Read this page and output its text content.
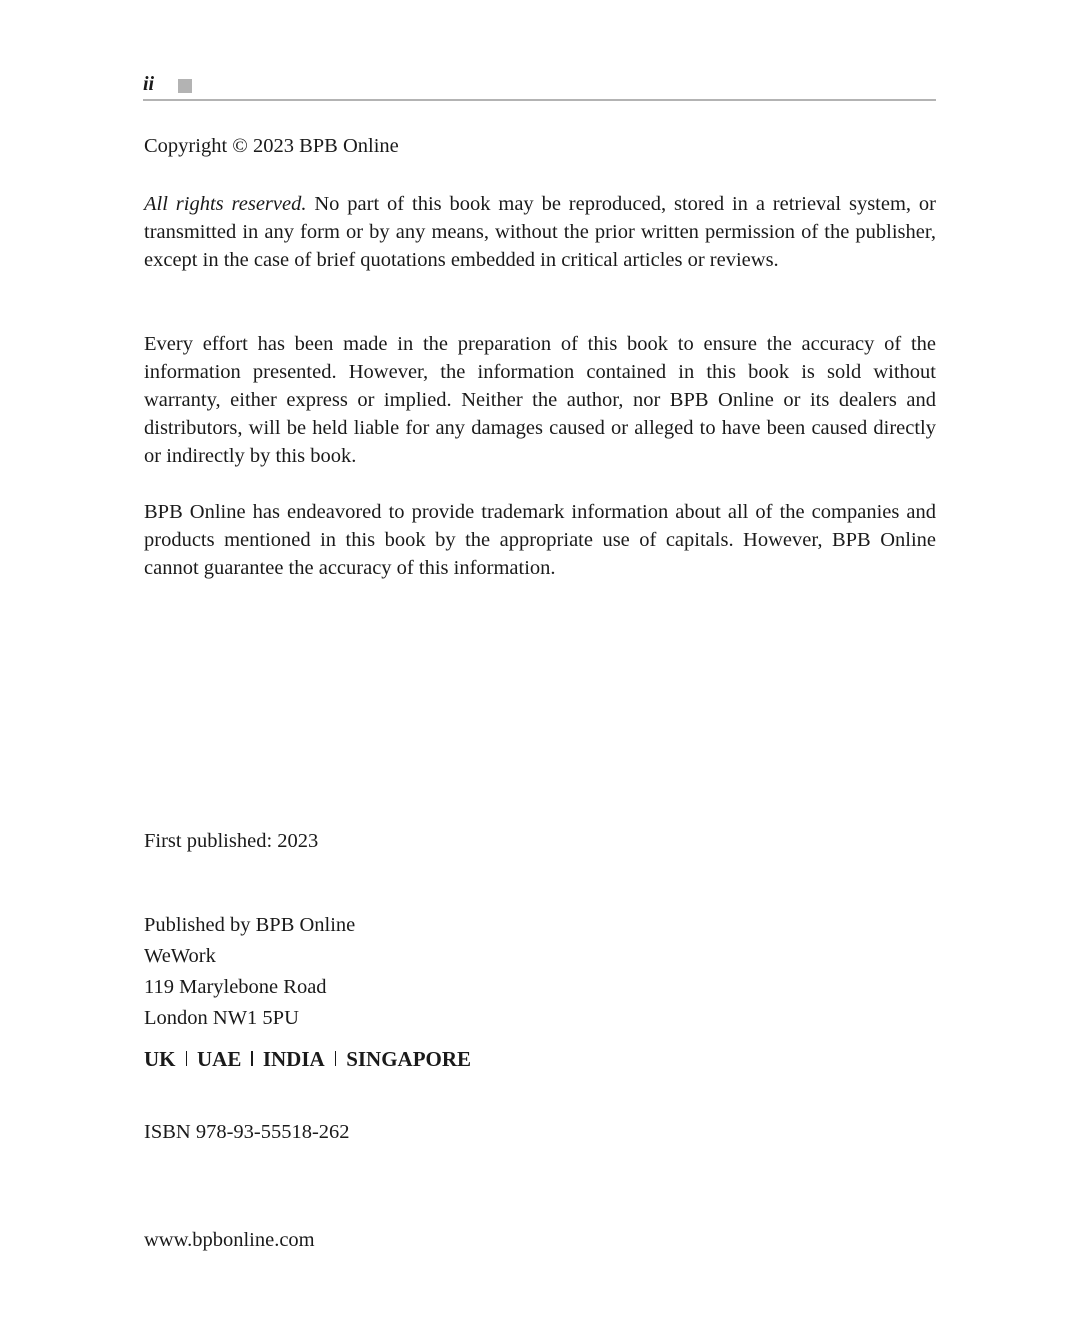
ii

Copyright © 2023 BPB Online

All rights reserved. No part of this book may be reproduced, stored in a retrieval system, or transmitted in any form or by any means, without the prior written permission of the publisher, except in the case of brief quotations embedded in critical articles or reviews.

Every effort has been made in the preparation of this book to ensure the accuracy of the information presented. However, the information contained in this book is sold without warranty, either express or implied. Neither the author, nor BPB Online or its dealers and distributors, will be held liable for any damages caused or alleged to have been caused directly or indirectly by this book.

BPB Online has endeavored to provide trademark information about all of the companies and products mentioned in this book by the appropriate use of capitals. However, BPB Online cannot guarantee the accuracy of this information.

First published: 2023

Published by BPB Online
WeWork
119 Marylebone Road
London NW1 5PU
UK UAE INDIA SINGAPORE

ISBN 978-93-55518-262

www.bpbonline.com
